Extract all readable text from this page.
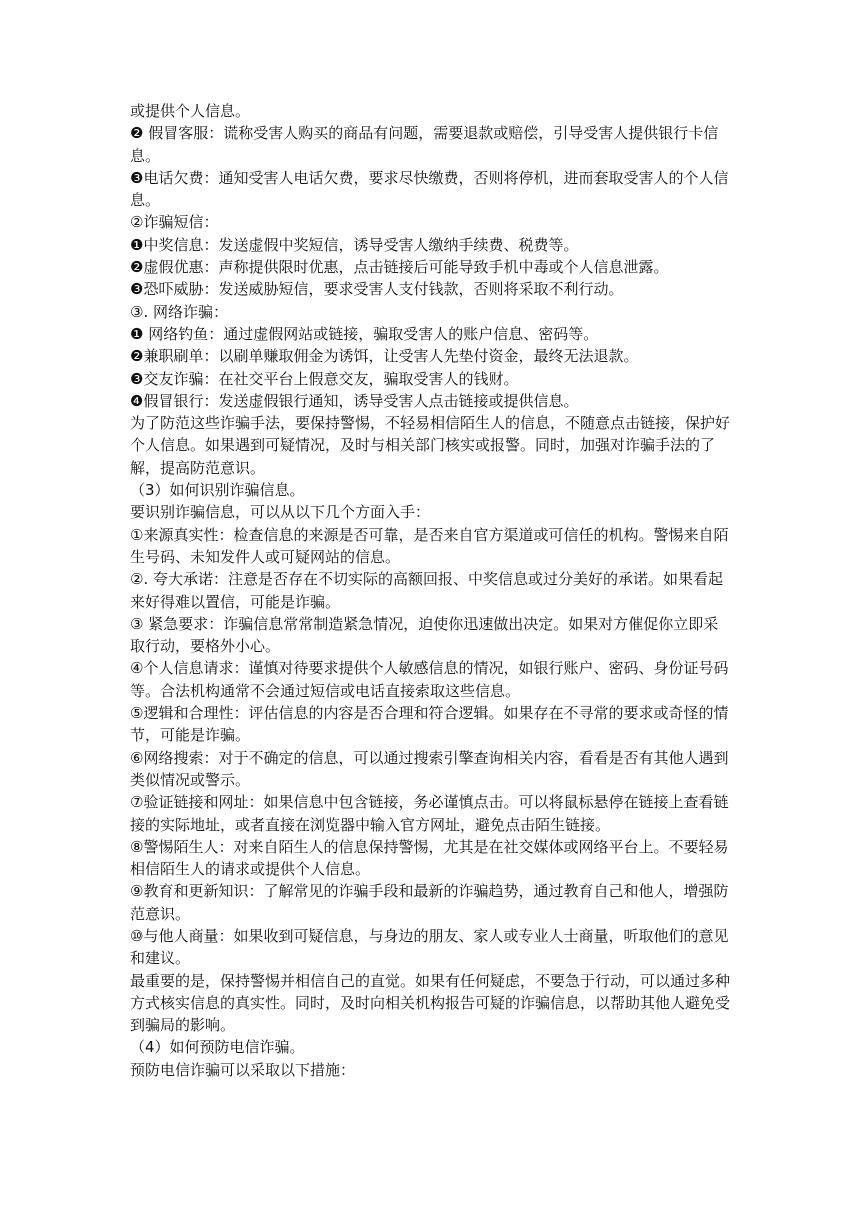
或提供个人信息。

❷ 假冒客服：谎称受害人购买的商品有问题，需要退款或赔偿，引导受害人提供银行卡信息。

❸电话欠费：通知受害人电话欠费，要求尽快缴费，否则将停机，进而套取受害人的个人信息。

②诈骗短信：

❶中奖信息：发送虚假中奖短信，诱导受害人缴纳手续费、税费等。

❷虚假优惠：声称提供限时优惠，点击链接后可能导致手机中毒或个人信息泄露。

❸恐吓威胁：发送威胁短信，要求受害人支付钱款，否则将采取不利行动。

③. 网络诈骗：

❶ 网络钓鱼：通过虚假网站或链接，骗取受害人的账户信息、密码等。

❷兼职刷单：以刷单赚取佣金为诱饵，让受害人先垫付资金，最终无法退款。

❸交友诈骗：在社交平台上假意交友，骗取受害人的钱财。

❹假冒银行：发送虚假银行通知，诱导受害人点击链接或提供信息。

为了防范这些诈骗手法，要保持警惕，不轻易相信陌生人的信息，不随意点击链接，保护好个人信息。如果遇到可疑情况，及时与相关部门核实或报警。同时，加强对诈骗手法的了解，提高防范意识。

（3）如何识别诈骗信息。

要识别诈骗信息，可以从以下几个方面入手：

①来源真实性：检查信息的来源是否可靠，是否来自官方渠道或可信任的机构。警惕来自陌生号码、未知发件人或可疑网站的信息。

②. 夸大承诺：注意是否存在不切实际的高额回报、中奖信息或过分美好的承诺。如果看起来好得难以置信，可能是诈骗。

③ 紧急要求：诈骗信息常常制造紧急情况，迫使你迅速做出决定。如果对方催促你立即采取行动，要格外小心。

④个人信息请求：谨慎对待要求提供个人敏感信息的情况，如银行账户、密码、身份证号码等。合法机构通常不会通过短信或电话直接索取这些信息。

⑤逻辑和合理性：评估信息的内容是否合理和符合逻辑。如果存在不寻常的要求或奇怪的情节，可能是诈骗。

⑥网络搜索：对于不确定的信息，可以通过搜索引擎查询相关内容，看看是否有其他人遇到类似情况或警示。

⑦验证链接和网址：如果信息中包含链接，务必谨慎点击。可以将鼠标悬停在链接上查看链接的实际地址，或者直接在浏览器中输入官方网址，避免点击陌生链接。

⑧警惕陌生人：对来自陌生人的信息保持警惕，尤其是在社交媒体或网络平台上。不要轻易相信陌生人的请求或提供个人信息。

⑨教育和更新知识：了解常见的诈骗手段和最新的诈骗趋势，通过教育自己和他人，增强防范意识。

⑩与他人商量：如果收到可疑信息，与身边的朋友、家人或专业人士商量，听取他们的意见和建议。

最重要的是，保持警惕并相信自己的直觉。如果有任何疑虑，不要急于行动，可以通过多种方式核实信息的真实性。同时，及时向相关机构报告可疑的诈骗信息，以帮助其他人避免受到骗局的影响。

（4）如何预防电信诈骗。

预防电信诈骗可以采取以下措施：
